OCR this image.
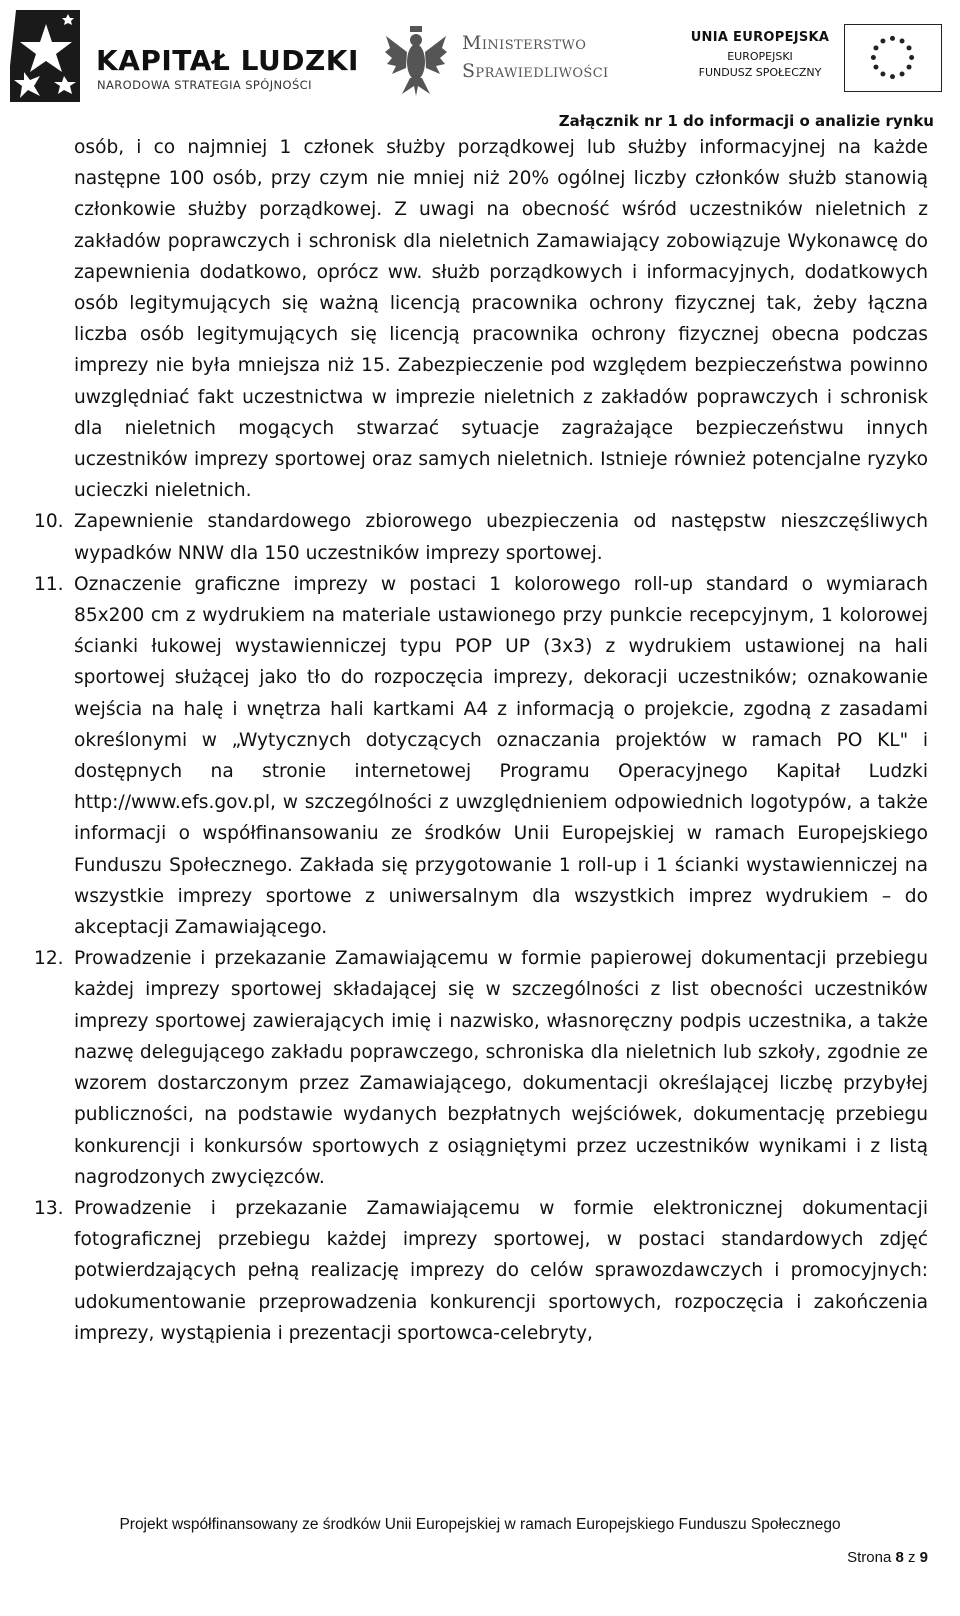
KAPITAŁ LUDZKI
NARODOWA STRATEGIA SPÓJNOŚCI
Ministerstwo
Sprawiedliwości
UNIA EUROPEJSKA
EUROPEJSKI
FUNDUSZ SPOŁECZNY
Załącznik nr 1 do informacji o analizie rynku

osób, i co najmniej 1 członek służby porządkowej lub służby informacyjnej na każde następne 100 osób, przy czym nie mniej niż 20% ogólnej liczby członków służb stanowią członkowie służby porządkowej. Z uwagi na obecność wśród uczestników nieletnich z zakładów poprawczych i schronisk dla nieletnich Zamawiający zobowiązuje Wykonawcę do zapewnienia dodatkowo, oprócz ww. służb porządkowych i informacyjnych, dodatkowych osób legitymujących się ważną licencją pracownika ochrony fizycznej tak, żeby łączna liczba osób legitymujących się licencją pracownika ochrony fizycznej obecna podczas imprezy nie była mniejsza niż 15. Zabezpieczenie pod względem bezpieczeństwa powinno uwzględniać fakt uczestnictwa w imprezie nieletnich z zakładów poprawczych i schronisk dla nieletnich mogących stwarzać sytuacje zagrażające bezpieczeństwu innych uczestników imprezy sportowej oraz samych nieletnich. Istnieje również potencjalne ryzyko ucieczki nieletnich.

10. Zapewnienie standardowego zbiorowego ubezpieczenia od następstw nieszczęśliwych wypadków NNW dla 150 uczestników imprezy sportowej.

11. Oznaczenie graficzne imprezy w postaci 1 kolorowego roll-up standard o wymiarach 85x200 cm z wydrukiem na materiale ustawionego przy punkcie recepcyjnym, 1 kolorowej ścianki łukowej wystawienniczej typu POP UP (3x3) z wydrukiem ustawionej na hali sportowej służącej jako tło do rozpoczęcia imprezy, dekoracji uczestników; oznakowanie wejścia na halę i wnętrza hali kartkami A4 z informacją o projekcie, zgodną z zasadami określonymi w „Wytycznych dotyczących oznaczania projektów w ramach PO KL" i dostępnych na stronie internetowej Programu Operacyjnego Kapitał Ludzki http://www.efs.gov.pl, w szczególności z uwzględnieniem odpowiednich logotypów, a także informacji o współfinansowaniu ze środków Unii Europejskiej w ramach Europejskiego Funduszu Społecznego. Zakłada się przygotowanie 1 roll-up i 1 ścianki wystawienniczej na wszystkie imprezy sportowe z uniwersalnym dla wszystkich imprez wydrukiem – do akceptacji Zamawiającego.

12. Prowadzenie i przekazanie Zamawiającemu w formie papierowej dokumentacji przebiegu każdej imprezy sportowej składającej się w szczególności z list obecności uczestników imprezy sportowej zawierających imię i nazwisko, własnoręczny podpis uczestnika, a także nazwę delegującego zakładu poprawczego, schroniska dla nieletnich lub szkoły, zgodnie ze wzorem dostarczonym przez Zamawiającego, dokumentacji określającej liczbę przybyłej publiczności, na podstawie wydanych bezpłatnych wejściówek, dokumentację przebiegu konkurencji i konkursów sportowych z osiągniętymi przez uczestników wynikami i z listą nagrodzonych zwycięzców.

13. Prowadzenie i przekazanie Zamawiającemu w formie elektronicznej dokumentacji fotograficznej przebiegu każdej imprezy sportowej, w postaci standardowych zdjęć potwierdzających pełną realizację imprezy do celów sprawozdawczych i promocyjnych: udokumentowanie przeprowadzenia konkurencji sportowych, rozpoczęcia i zakończenia imprezy, wystąpienia i prezentacji sportowca-celebryty,

Projekt współfinansowany ze środków Unii Europejskiej w ramach Europejskiego Funduszu Społecznego
Strona 8 z 9
